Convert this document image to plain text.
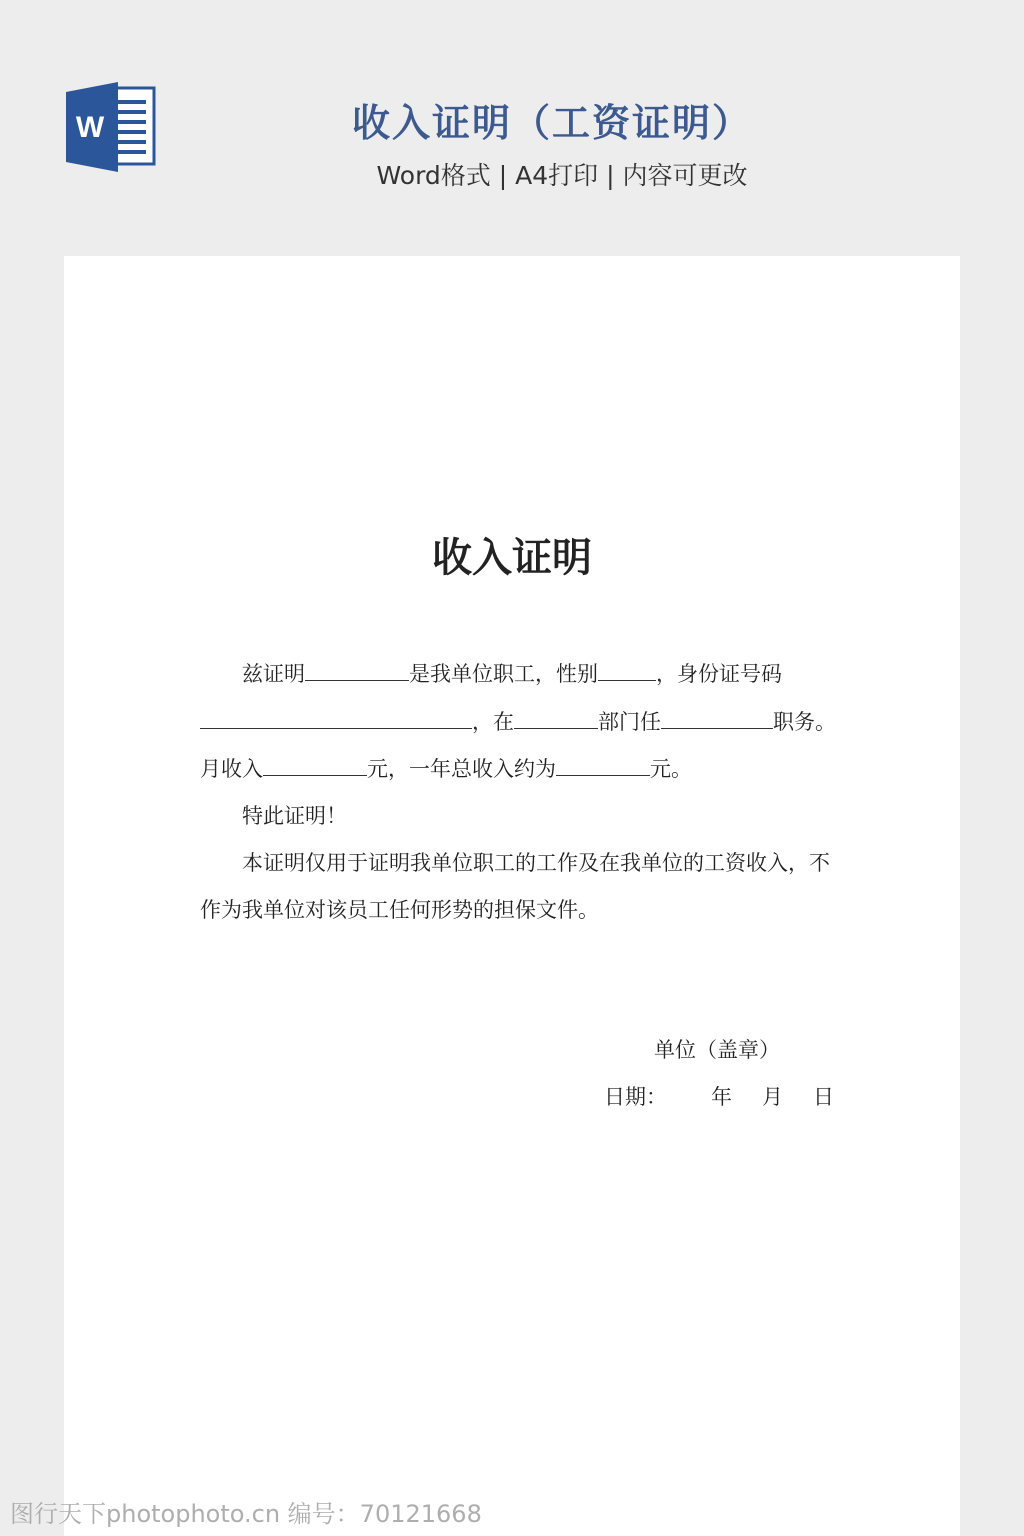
W	收入证明（工资证明）
Word格式 | A4打印 | 内容可更改
收入证明
兹证明	是我单位职工，性别	，身份证号码
，在	部门任	职务。
月收入	元，一年总收入约为	元。
特此证明！
本证明仅用于证明我单位职工的工作及在我单位的工资收入，不
作为我单位对该员工任何形势的担保文件。
单位（盖章）
日期： 年 月 日
图行天下photophoto.cn 编号：70121668
